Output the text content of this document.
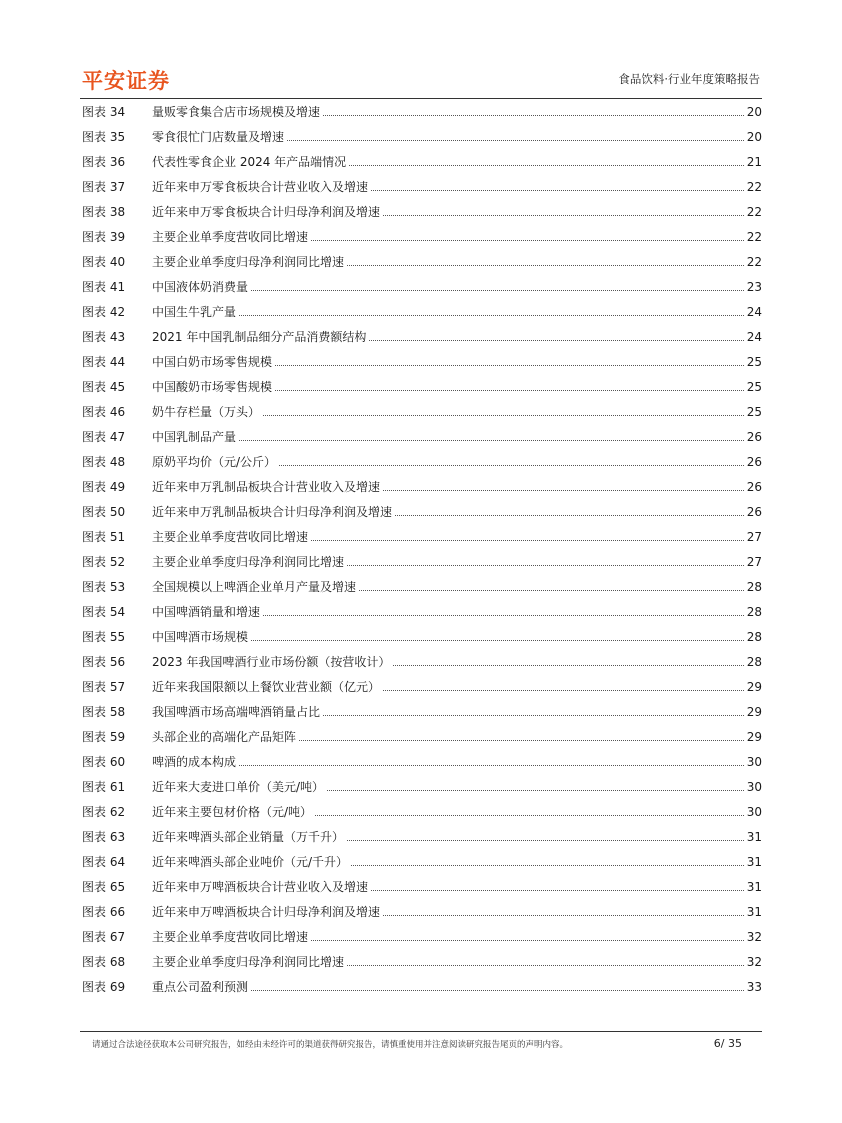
平安证券	食品饮料·行业年度策略报告
图表 34	量贩零食集合店市场规模及增速	20
图表 35	零食很忙门店数量及增速	20
图表 36	代表性零食企业 2024 年产品端情况	21
图表 37	近年来申万零食板块合计营业收入及增速	22
图表 38	近年来申万零食板块合计归母净利润及增速	22
图表 39	主要企业单季度营收同比增速	22
图表 40	主要企业单季度归母净利润同比增速	22
图表 41	中国液体奶消费量	23
图表 42	中国生牛乳产量	24
图表 43	2021 年中国乳制品细分产品消费额结构	24
图表 44	中国白奶市场零售规模	25
图表 45	中国酸奶市场零售规模	25
图表 46	奶牛存栏量（万头）	25
图表 47	中国乳制品产量	26
图表 48	原奶平均价（元/公斤）	26
图表 49	近年来申万乳制品板块合计营业收入及增速	26
图表 50	近年来申万乳制品板块合计归母净利润及增速	26
图表 51	主要企业单季度营收同比增速	27
图表 52	主要企业单季度归母净利润同比增速	27
图表 53	全国规模以上啤酒企业单月产量及增速	28
图表 54	中国啤酒销量和增速	28
图表 55	中国啤酒市场规模	28
图表 56	2023 年我国啤酒行业市场份额（按营收计）	28
图表 57	近年来我国限额以上餐饮业营业额（亿元）	29
图表 58	我国啤酒市场高端啤酒销量占比	29
图表 59	头部企业的高端化产品矩阵	29
图表 60	啤酒的成本构成	30
图表 61	近年来大麦进口单价（美元/吨）	30
图表 62	近年来主要包材价格（元/吨）	30
图表 63	近年来啤酒头部企业销量（万千升）	31
图表 64	近年来啤酒头部企业吨价（元/千升）	31
图表 65	近年来申万啤酒板块合计营业收入及增速	31
图表 66	近年来申万啤酒板块合计归母净利润及增速	31
图表 67	主要企业单季度营收同比增速	32
图表 68	主要企业单季度归母净利润同比增速	32
图表 69	重点公司盈利预测	33
请通过合法途径获取本公司研究报告，如经由未经许可的渠道获得研究报告，请慎重使用并注意阅读研究报告尾页的声明内容。	6/ 35
